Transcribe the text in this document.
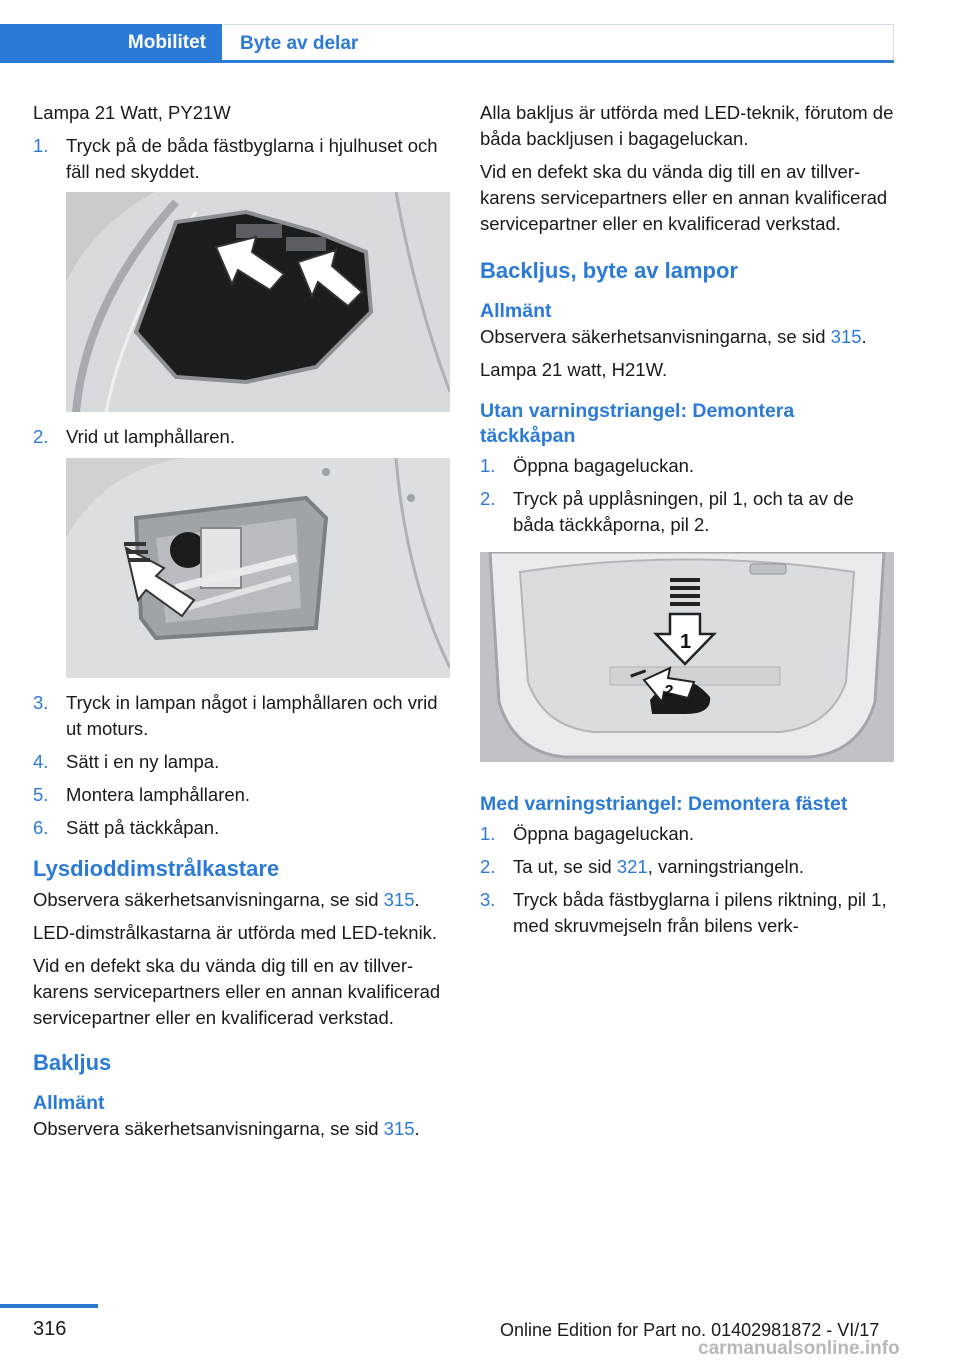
Mobilitet	Byte av delar

Lampa 21 Watt, PY21W

1. Tryck på de båda fästbyglarna i hjulhuset och fäll ned skyddet.
2. Vrid ut lamphållaren.
3. Tryck in lampan något i lamphållaren och vrid ut moturs.
4. Sätt i en ny lampa.
5. Montera lamphållaren.
6. Sätt på täckkåpan.
Lysdioddimstrålkastare

Observera säkerhetsanvisningarna, se sid 315.

LED-dimstrålkastarna är utförda med LED-teknik.

Vid en defekt ska du vända dig till en av tillverkarens servicepartners eller en annan kvalificerad servicepartner eller en kvalificerad verkstad.

Bakljus
Allmänt

Observera säkerhetsanvisningarna, se sid 315.

Alla bakljus är utförda med LED-teknik, förutom de båda backljusen i bagageluckan.

Vid en defekt ska du vända dig till en av tillverkarens servicepartners eller en annan kvalificerad servicepartner eller en kvalificerad verkstad.

Backljus, byte av lampor
Allmänt

Observera säkerhetsanvisningarna, se sid 315.

Lampa 21 watt, H21W.

Utan varningstriangel: Demontera täckkåpan
1. Öppna bagageluckan.
2. Tryck på upplåsningen, pil 1, och ta av de båda täckkåporna, pil 2.
1
2
Med varningstriangel: Demontera fästet
1. Öppna bagageluckan.
2. Ta ut, se sid 321, varningstriangeln.
3. Tryck båda fästbyglarna i pilens riktning, pil 1, med skruvmejseln från bilens verk-
316	Online Edition for Part no. 01402981872 - VI/17
carmanualsonline.info
